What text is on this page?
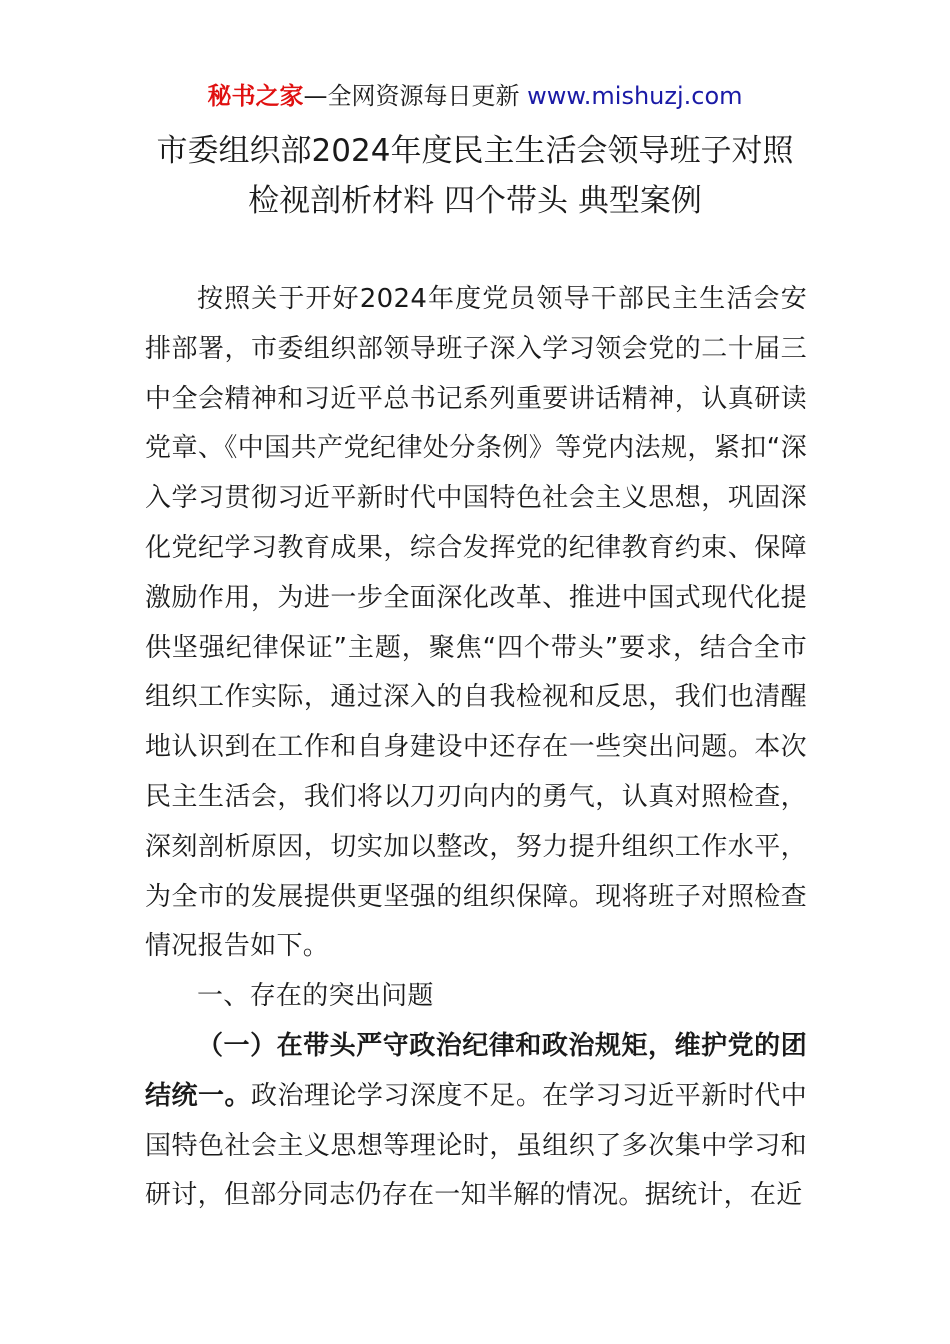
秘书之家—全网资源每日更新 www.mishuzj.com
市委组织部2024年度民主生活会领导班子对照
检视剖析材料 四个带头 典型案例

按照关于开好2024年度党员领导干部民主生活会安排部署，市委组织部领导班子深入学习领会党的二十届三中全会精神和习近平总书记系列重要讲话精神，认真研读党章、《中国共产党纪律处分条例》等党内法规，紧扣“深入学习贯彻习近平新时代中国特色社会主义思想，巩固深化党纪学习教育成果，综合发挥党的纪律教育约束、保障激励作用，为进一步全面深化改革、推进中国式现代化提供坚强纪律保证”主题，聚焦“四个带头”要求，结合全市组织工作实际，通过深入的自我检视和反思，我们也清醒地认识到在工作和自身建设中还存在一些突出问题。本次民主生活会，我们将以刀刃向内的勇气，认真对照检查，深刻剖析原因，切实加以整改，努力提升组织工作水平，为全市的发展提供更坚强的组织保障。现将班子对照检查情况报告如下。

一、存在的突出问题

（一）在带头严守政治纪律和政治规矩，维护党的团结统一。政治理论学习深度不足。在学习习近平新时代中国特色社会主义思想等理论时，虽组织了多次集中学习和研讨，但部分同志仍存在一知半解的情况。据统计，在近
